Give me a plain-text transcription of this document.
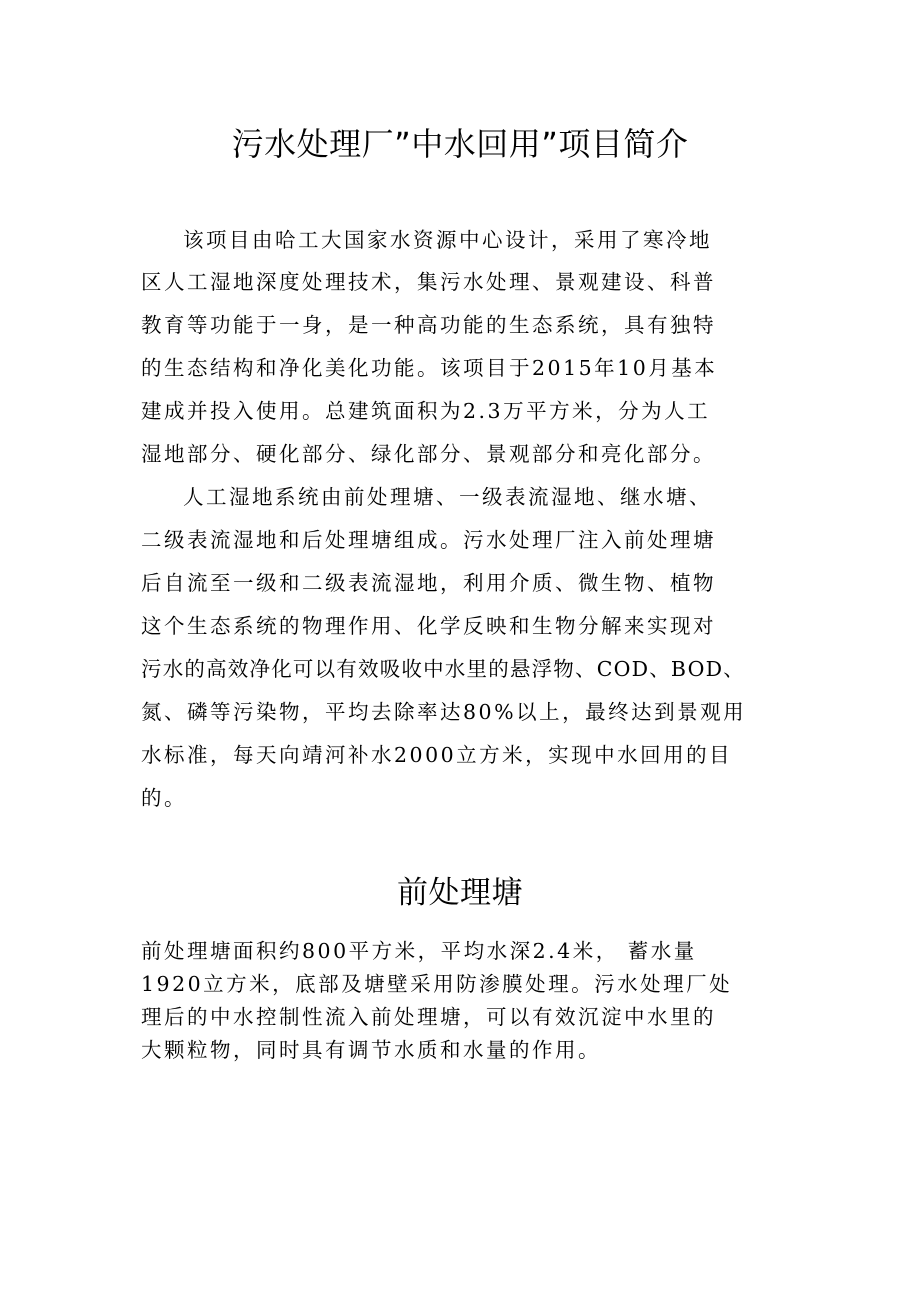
污水处理厂”中水回用”项目简介

该项目由哈工大国家水资源中心设计，采用了寒冷地

区人工湿地深度处理技术，集污水处理、景观建设、科普

教育等功能于一身，是一种高功能的生态系统，具有独特

的生态结构和净化美化功能。该项目于2015年10月基本

建成并投入使用。总建筑面积为2.3万平方米，分为人工

湿地部分、硬化部分、绿化部分、景观部分和亮化部分。

人工湿地系统由前处理塘、一级表流湿地、继水塘、

二级表流湿地和后处理塘组成。污水处理厂注入前处理塘

后自流至一级和二级表流湿地，利用介质、微生物、植物

这个生态系统的物理作用、化学反映和生物分解来实现对

污水的高效净化可以有效吸收中水里的悬浮物、COD、BOD、

氮、磷等污染物，平均去除率达80%以上，最终达到景观用

水标准，每天向靖河补水2000立方米，实现中水回用的目

的。

前处理塘

前处理塘面积约800平方米，平均水深2.4米， 蓄水量

1920立方米，底部及塘壁采用防渗膜处理。污水处理厂处

理后的中水控制性流入前处理塘，可以有效沉淀中水里的

大颗粒物，同时具有调节水质和水量的作用。
